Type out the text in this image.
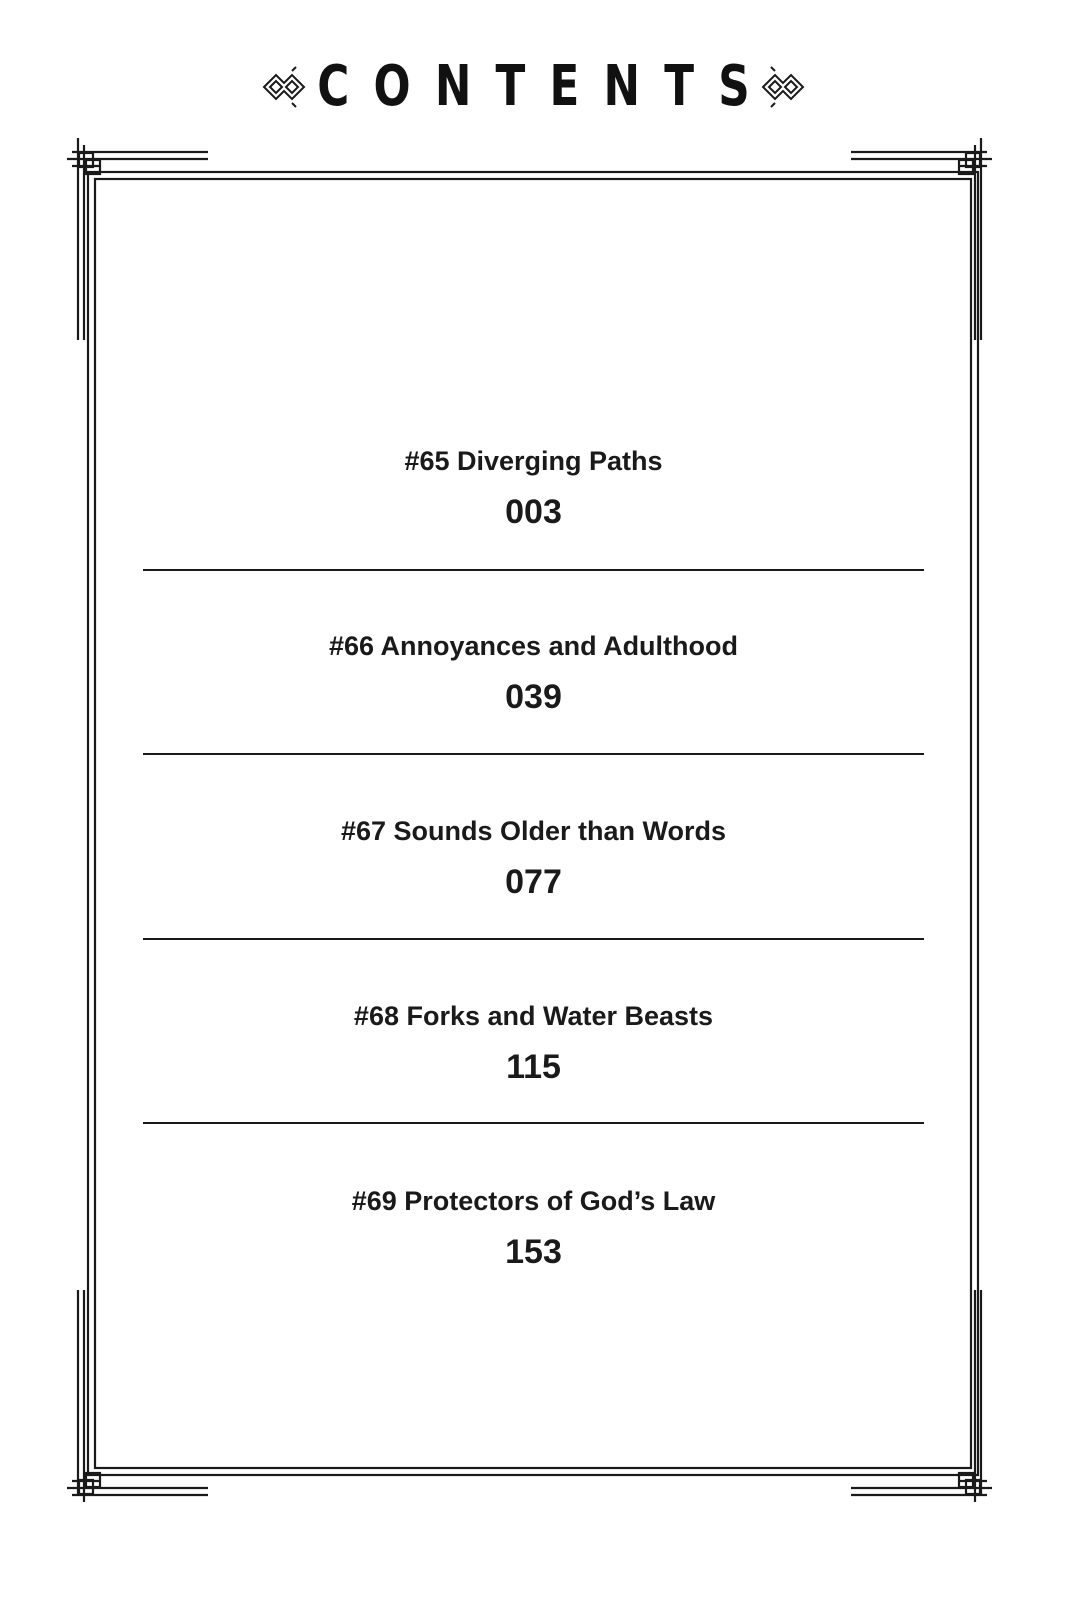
CONTENTS
#65 Diverging Paths
003
#66 Annoyances and Adulthood
039
#67 Sounds Older than Words
077
#68 Forks and Water Beasts
115
#69 Protectors of God’s Law
153
